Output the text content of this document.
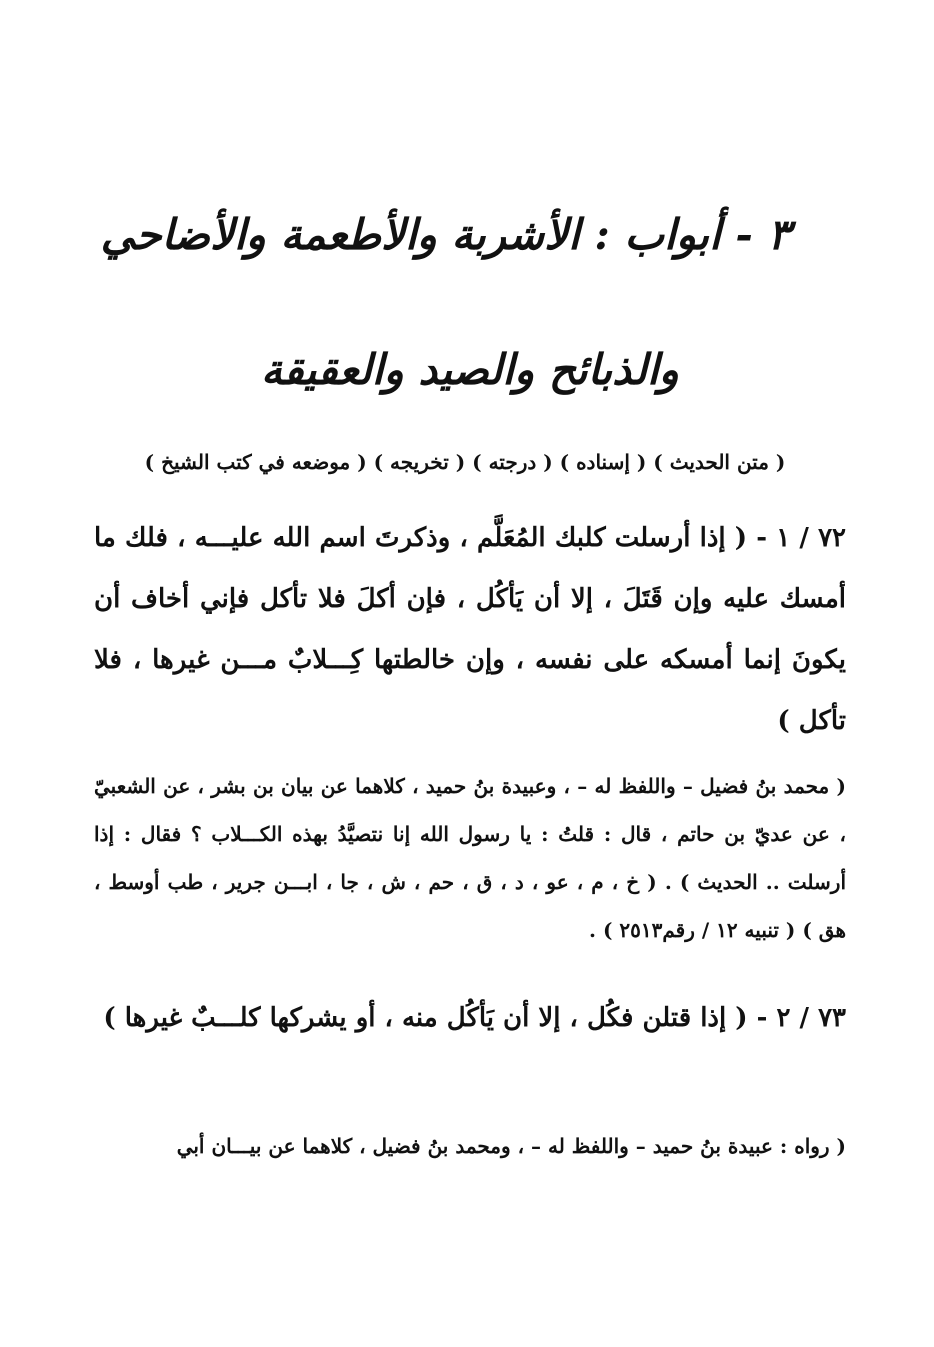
٣ - أبواب : الأشربة والأطعمة والأضاحي
والذبائح والصيد والعقيقة
( متن الحديث ) ( إسناده ) ( درجته ) ( تخريجه ) ( موضعه في كتب الشيخ )
٧٢ / ١ - ( إذا أرسلت كلبك المُعَلَّم ، وذكرتَ اسم الله عليـــه ، فلك ما أمسك عليه وإن قَتَلَ ، إلا أن يَأكُل ، فإن أكلَ فلا تأكل فإني أخاف أن يكونَ إنما أمسكه على نفسه ، وإن خالطتها كِـــلابٌ مـــن غيرها ، فلا تأكل )
( محمد بنُ فضيل – واللفظ له – ، وعبيدة بنُ حميد ، كلاهما عن بيان بن بشر ، عن الشعبيّ ، عن عديّ بن حاتم ، قال : قلتُ : يا رسول الله إنا نتصيَّدُ بهذه الكـــلاب ؟ فقال : إذا أرسلت .. الحديث ) . ( خ ، م ، عو ، د ، ق ، حم ، ش ، جا ، ابـــن جرير ، طب أوسط ، هق ) ( تنبيه ١٢ / رقم٢٥١٣ ) .
٧٣ / ٢ - ( إذا قتلن فكُل ، إلا أن يَأكُل منه ، أو يشركها كلـــبٌ غيرها )
( رواه : عبيدة بنُ حميد – واللفظ له – ، ومحمد بنُ فضيل ، كلاهما عن بيـــان أبي
